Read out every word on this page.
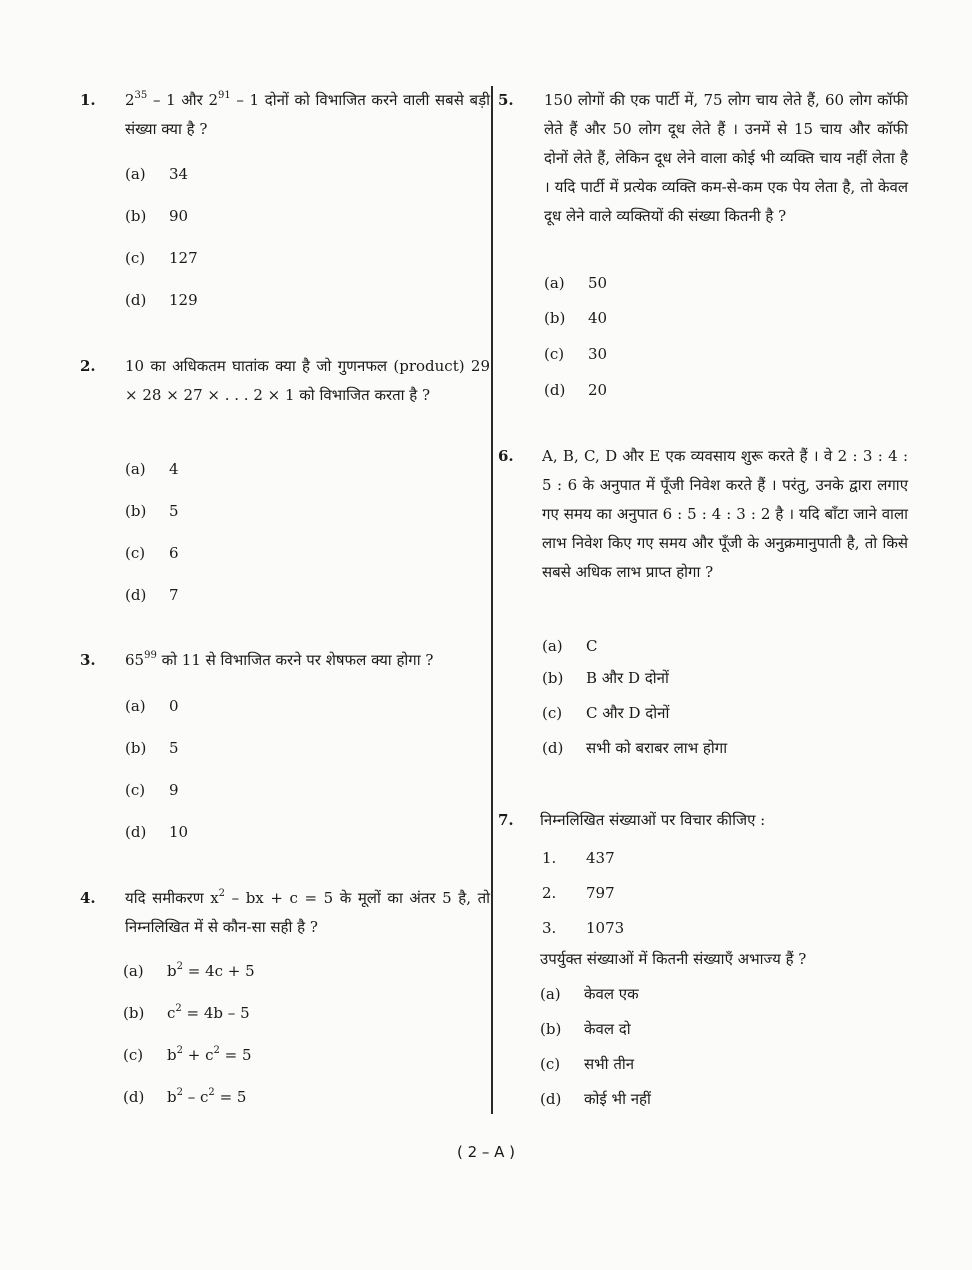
1. $2^{35} - 1$ और $2^{91} - 1$ दोनों को विभाजित करने वाली सबसे बड़ी संख्या क्या है ?
(a) 34
(b) 90
(c) 127
(d) 129
2. 10 का अधिकतम घातांक क्या है जो गुणनफल (product) 29 × 28 × 27 × . . . 2 × 1 को विभाजित करता है ?
(a) 4
(b) 5
(c) 6
(d) 7
3. $65^{99}$ को 11 से विभाजित करने पर शेषफल क्या होगा ?
(a) 0
(b) 5
(c) 9
(d) 10
4. यदि समीकरण $x^2$ – bx + c = 5 के मूलों का अंतर 5 है, तो निम्नलिखित में से कौन-सा सही है ?
(a) $b^2 = 4c + 5$
(b) $c^2 = 4b - 5$
(c) $b^2 + c^2 = 5$
(d) $b^2 - c^2 = 5$
5. 150 लोगों की एक पार्टी में, 75 लोग चाय लेते हैं, 60 लोग कॉफी लेते हैं और 50 लोग दूध लेते हैं । उनमें से 15 चाय और कॉफी दोनों लेते हैं, लेकिन दूध लेने वाला कोई भी व्यक्ति चाय नहीं लेता है । यदि पार्टी में प्रत्येक व्यक्ति कम-से-कम एक पेय लेता है, तो केवल दूध लेने वाले व्यक्तियों की संख्या कितनी है ?
(a) 50
(b) 40
(c) 30
(d) 20
6. A, B, C, D और E एक व्यवसाय शुरू करते हैं । वे 2 : 3 : 4 : 5 : 6 के अनुपात में पूँजी निवेश करते हैं । परंतु, उनके द्वारा लगाए गए समय का अनुपात 6 : 5 : 4 : 3 : 2 है । यदि बाँटा जाने वाला लाभ निवेश किए गए समय और पूँजी के अनुक्रमानुपाती है, तो किसे सबसे अधिक लाभ प्राप्त होगा ?
(a) C
(b) B और D दोनों
(c) C और D दोनों
(d) सभी को बराबर लाभ होगा
7. निम्नलिखित संख्याओं पर विचार कीजिए :
1. 437
2. 797
3. 1073
उपर्युक्त संख्याओं में कितनी संख्याएँ अभाज्य हैं ?
(a) केवल एक
(b) केवल दो
(c) सभी तीन
(d) कोई भी नहीं
( 2 – A )
